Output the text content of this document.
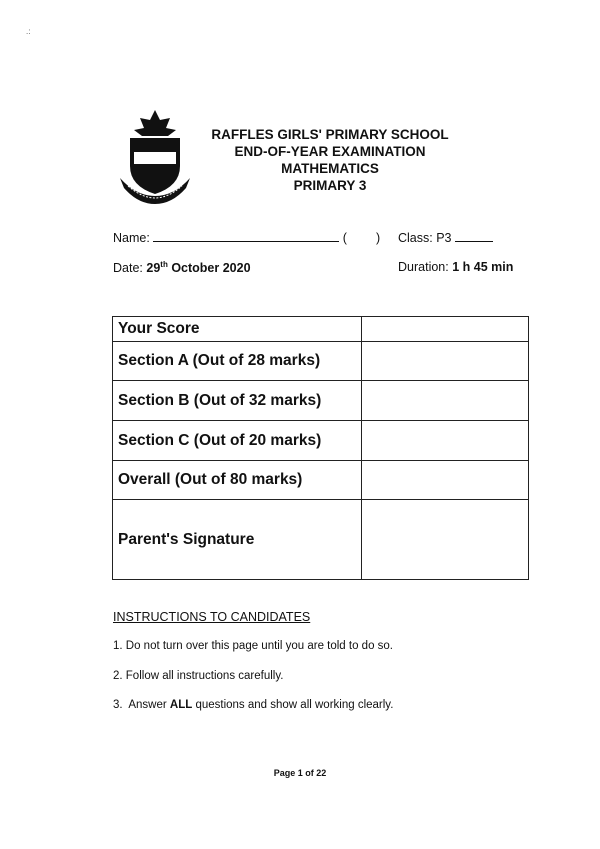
.:
RAFFLES GIRLS' PRIMARY SCHOOL
END-OF-YEAR EXAMINATION
MATHEMATICS
PRIMARY 3
Name:	( ) Class: P3
Date: 29th October 2020	Duration: 1 h 45 min
Your Score	
Section A (Out of 28 marks)	
Section B (Out of 32 marks)	
Section C (Out of 20 marks)	
Overall (Out of 80 marks)	
Parent's Signature	
INSTRUCTIONS TO CANDIDATES
1. Do not turn over this page until you are told to do so.
2. Follow all instructions carefully.
3.  Answer ALL questions and show all working clearly.
Page 1 of 22
